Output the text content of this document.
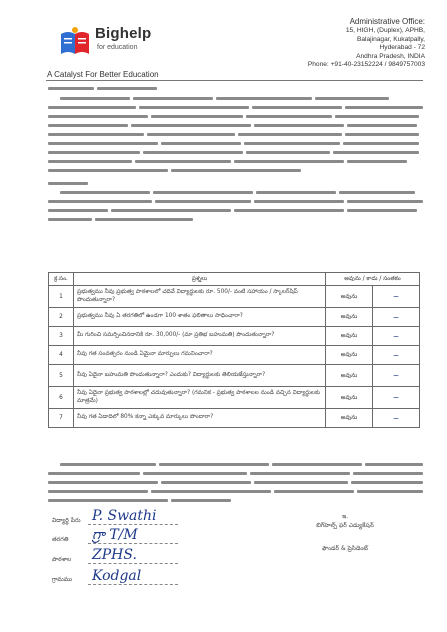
Bighelp
for education
A Catalyst For Better Education
Administrative Office:
15, HIGH, (Duplex), APHB,
Balajinagar, Kukatpally,
Hyderabad - 72
Andhra Pradesh, INDIA
Phone: +91-40-23152224 / 9849757003
క్ర.సం.	ప్రశ్నలు	అవును / కాదు / సంతకం	
1	ప్రభుత్వము నీవు ప్రభుత్వ పాఠశాలలో చదివే విద్యార్థులకు రూ. 500/- వంటి సహాయం / స్కాలర్‌షిప్‌ పొందుతున్నారా?	అవును	~
2	ప్రభుత్వము నీవు ఏ తరగతిలో ఉండగా 100 శాతం ఫలితాలు సాధించారా?	అవును	~
3	మీ గురించి సమర్పించినదానికి రూ. 30,000/- (మా ప్రతిభ బహుమతి) పొందుతున్నారా?	అవును	~
4	నీవు గత సంవత్సరం నుండి ఏమైనా మార్పులు గమనించారా?	అవును	~
5	నీవు ఏదైనా బహుమతి పొందుతున్నారా? ఎందుకు? విద్యార్థులకు తెలియజేస్తున్నారా?	అవును	~
6	నీవు ఏదైనా ప్రభుత్వ పాఠశాలల్లో చదువుతున్నారా? (గమనిక - ప్రభుత్వ పాఠశాలల నుండి వచ్చిన విద్యార్థులకు మాత్రమే)	అవును	~
7	నీవు గత ఏడాదిలో 80% కన్నా ఎక్కువ మార్కులు పొందారా?	అవును	~
విద్యార్థి పేరు P. Swathi
తరగతి గ్రా T/M
పాఠశాల ZPHS.
గ్రామము Kodgal
ఇ.
బిగ్‌హెల్ప్ ఫర్ ఎడ్యుకేషన్
ఫౌండర్ & ప్రెసిడెంట్
